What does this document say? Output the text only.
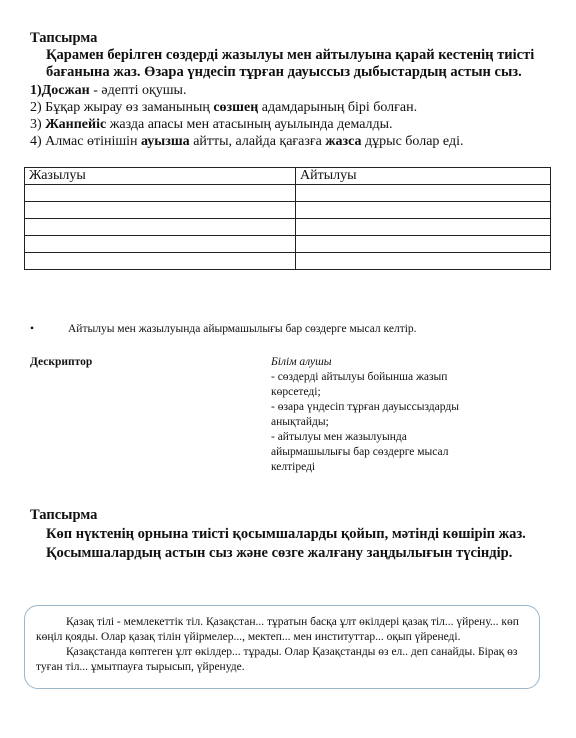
Тапсырма
Қарамен берілген сөздерді жазылуы мен айтылуына қарай кестенің тиісті бағанына жаз. Өзара үндесіп тұрған дауыссыз дыбыстардың астын сыз.
1)Досжан - әдепті оқушы.
2) Бұқар жырау өз заманының сөзшең адамдарының бірі болған.
3) Жанпейіс жазда апасы мен атасының ауылында демалды.
4) Алмас өтінішін ауызша айтты, алайда қағазға жазса дұрыс болар еді.
Жазылуы	Айтылуы

•	Айтылуы мен жазылуында айырмашылығы бар сөздерге мысал келтір.
Дескриптор	Білім алушы
- сөздерді айтылуы бойынша жазып
көрсетеді;
- өзара үндесіп тұрған дауыссыздарды
анықтайды;
- айтылуы мен жазылуында
айырмашылығы бар сөздерге мысал
келтіреді
Тапсырма
Көп нүктенің орнына тиісті қосымшаларды қойып, мәтінді көшіріп жаз. Қосымшалардың астын сыз және сөзге жалғану заңдылығын түсіндір.
Қазақ тілі - мемлекеттік тіл. Қазақстан... тұратын басқа ұлт өкілдері қазақ тіл... үйрену... көп көңіл қояды. Олар қазақ тілін үйірмелер..., мектеп... мен институттар... оқып үйренеді.
Қазақстанда көптеген ұлт өкілдер... тұрады. Олар Қазақстанды өз ел.. деп санайды. Бірақ өз туған тіл... ұмытпауға тырысып, үйренуде.
